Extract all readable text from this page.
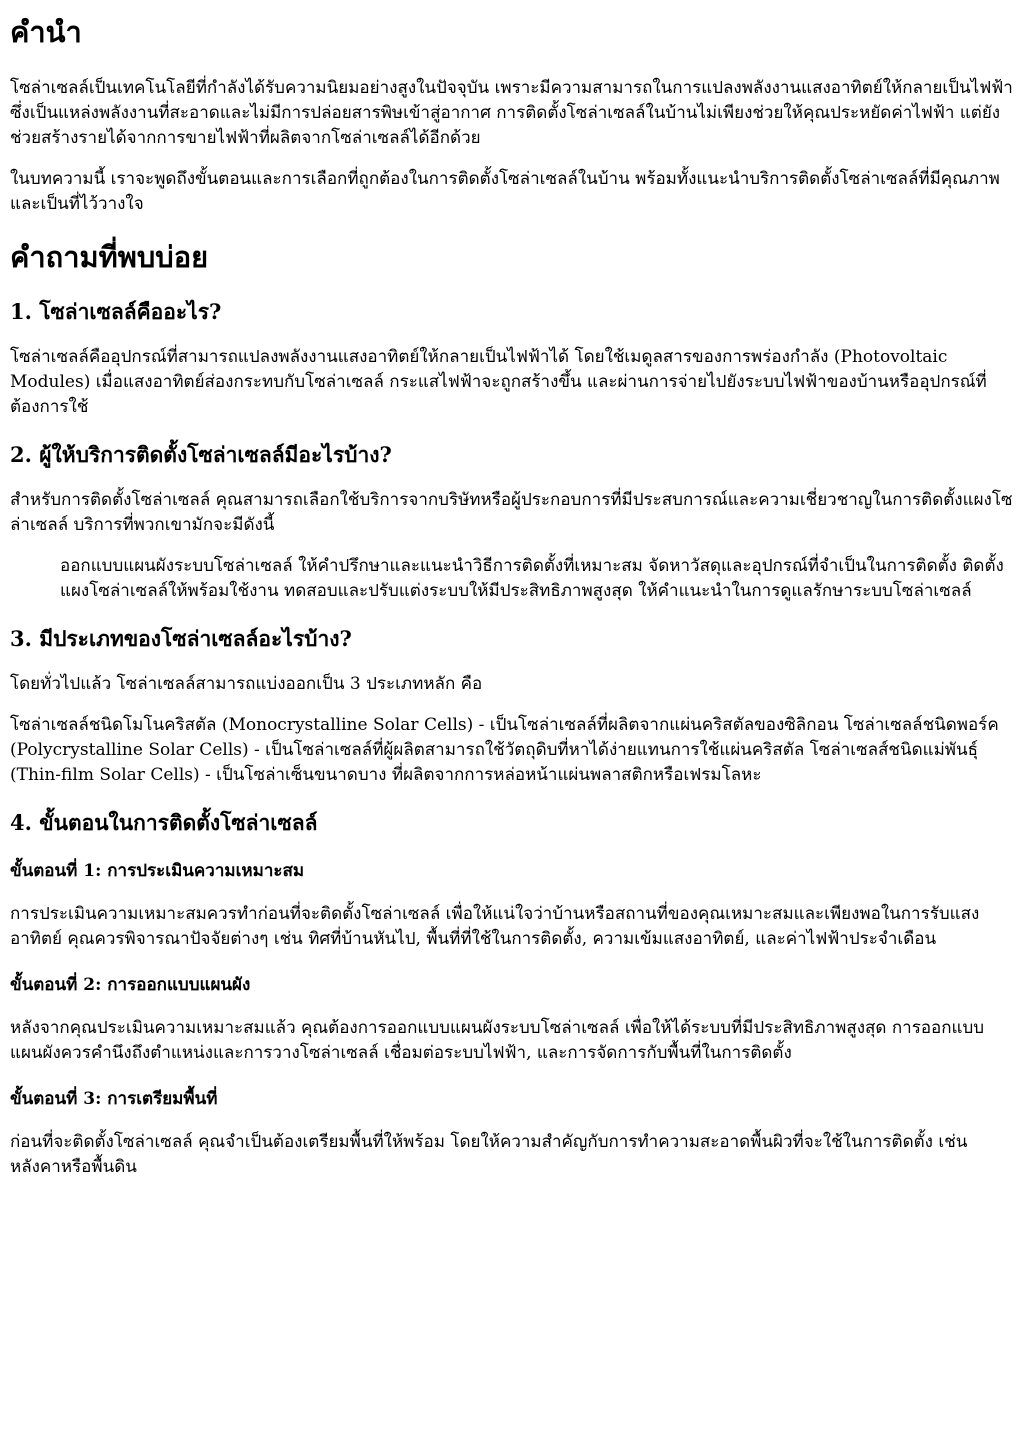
คำนำ

โซล่าเซลล์เป็นเทคโนโลยีที่กำลังได้รับความนิยมอย่างสูงในปัจจุบัน เพราะมีความสามารถในการแปลงพลังงานแสงอาทิตย์ให้กลายเป็นไฟฟ้า ซึ่งเป็นแหล่งพลังงานที่สะอาดและไม่มีการปล่อยสารพิษเข้าสู่อากาศ การติดตั้งโซล่าเซลล์ในบ้านไม่เพียงช่วยให้คุณประหยัดค่าไฟฟ้า แต่ยังช่วยสร้างรายได้จากการขายไฟฟ้าที่ผลิตจากโซล่าเซลล์ได้อีกด้วย

ในบทความนี้ เราจะพูดถึงขั้นตอนและการเลือกที่ถูกต้องในการติดตั้งโซล่าเซลล์ในบ้าน พร้อมทั้งแนะนำบริการติดตั้งโซล่าเซลล์ที่มีคุณภาพและเป็นที่ไว้วางใจ

คำถามที่พบบ่อย
1. โซล่าเซลล์คืออะไร?

โซล่าเซลล์คืออุปกรณ์ที่สามารถแปลงพลังงานแสงอาทิตย์ให้กลายเป็นไฟฟ้าได้ โดยใช้เมดูลสารของการพร่องกำลัง (Photovoltaic Modules) เมื่อแสงอาทิตย์ส่องกระทบกับโซล่าเซลล์ กระแสไฟฟ้าจะถูกสร้างขึ้น และผ่านการจ่ายไปยังระบบไฟฟ้าของบ้านหรืออุปกรณ์ที่ต้องการใช้

2. ผู้ให้บริการติดตั้งโซล่าเซลล์มีอะไรบ้าง?

สำหรับการติดตั้งโซล่าเซลล์ คุณสามารถเลือกใช้บริการจากบริษัทหรือผู้ประกอบการที่มีประสบการณ์และความเชี่ยวชาญในการติดตั้งแผงโซล่าเซลล์ บริการที่พวกเขามักจะมีดังนี้

ออกแบบแผนผังระบบโซล่าเซลล์ ให้คำปรึกษาและแนะนำวิธีการติดตั้งที่เหมาะสม จัดหาวัสดุและอุปกรณ์ที่จำเป็นในการติดตั้ง ติดตั้งแผงโซล่าเซลล์ให้พร้อมใช้งาน ทดสอบและปรับแต่งระบบให้มีประสิทธิภาพสูงสุด ให้คำแนะนำในการดูแลรักษาระบบโซล่าเซลล์
3. มีประเภทของโซล่าเซลล์อะไรบ้าง?

โดยทั่วไปแล้ว โซล่าเซลล์สามารถแบ่งออกเป็น 3 ประเภทหลัก คือ

โซล่าเซลล์ชนิดโมโนคริสตัล (Monocrystalline Solar Cells) - เป็นโซล่าเซลล์ที่ผลิตจากแผ่นคริสตัลของซิลิกอน โซล่าเซลล์ชนิดพอร์ค (Polycrystalline Solar Cells) - เป็นโซล่าเซลล์ที่ผู้ผลิตสามารถใช้วัตถุดิบที่หาได้ง่ายแทนการใช้แผ่นคริสตัล โซล่าเซลส์ชนิดแม่พันธุ์ (Thin-film Solar Cells) - เป็นโซล่าเซ็นขนาดบาง ที่ผลิตจากการหล่อหน้าแผ่นพลาสติกหรือเฟรมโลหะ

4. ขั้นตอนในการติดตั้งโซล่าเซลล์
ขั้นตอนที่ 1: การประเมินความเหมาะสม

การประเมินความเหมาะสมควรทำก่อนที่จะติดตั้งโซล่าเซลล์ เพื่อให้แน่ใจว่าบ้านหรือสถานที่ของคุณเหมาะสมและเพียงพอในการรับแสงอาทิตย์ คุณควรพิจารณาปัจจัยต่างๆ เช่น ทิศที่บ้านหันไป, พื้นที่ที่ใช้ในการติดตั้ง, ความเข้มแสงอาทิตย์, และค่าไฟฟ้าประจำเดือน

ขั้นตอนที่ 2: การออกแบบแผนผัง

หลังจากคุณประเมินความเหมาะสมแล้ว คุณต้องการออกแบบแผนผังระบบโซล่าเซลล์ เพื่อให้ได้ระบบที่มีประสิทธิภาพสูงสุด การออกแบบแผนผังควรคำนึงถึงตำแหน่งและการวางโซล่าเซลล์ เชื่อมต่อระบบไฟฟ้า, และการจัดการกับพื้นที่ในการติดตั้ง

ขั้นตอนที่ 3: การเตรียมพื้นที่

ก่อนที่จะติดตั้งโซล่าเซลล์ คุณจำเป็นต้องเตรียมพื้นที่ให้พร้อม โดยให้ความสำคัญกับการทำความสะอาดพื้นผิวที่จะใช้ในการติดตั้ง เช่น หลังคาหรือพื้นดิน
